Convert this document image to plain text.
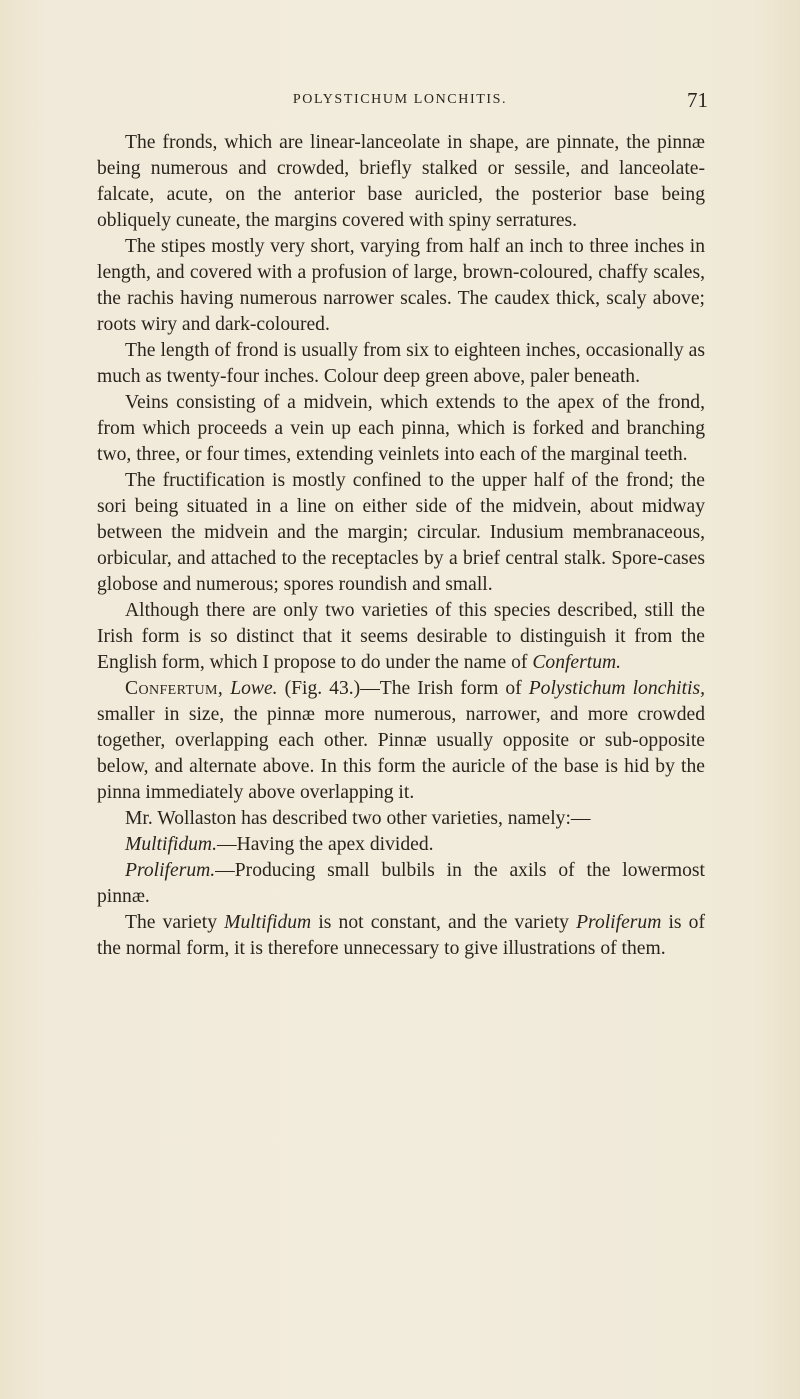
POLYSTICHUM LONCHITIS.	71

The fronds, which are linear-lanceolate in shape, are pinnate, the pinnæ being numerous and crowded, briefly stalked or sessile, and lanceolate-falcate, acute, on the anterior base auricled, the posterior base being obliquely cuneate, the margins covered with spiny serratures.

The stipes mostly very short, varying from half an inch to three inches in length, and covered with a profusion of large, brown-coloured, chaffy scales, the rachis having numerous narrower scales. The caudex thick, scaly above; roots wiry and dark-coloured.

The length of frond is usually from six to eighteen inches, occasionally as much as twenty-four inches. Colour deep green above, paler beneath.

Veins consisting of a midvein, which extends to the apex of the frond, from which proceeds a vein up each pinna, which is forked and branching two, three, or four times, extending veinlets into each of the marginal teeth.

The fructification is mostly confined to the upper half of the frond; the sori being situated in a line on either side of the midvein, about midway between the midvein and the margin; circular. Indusium membranaceous, orbicular, and attached to the receptacles by a brief central stalk. Spore-cases globose and numerous; spores roundish and small.

Although there are only two varieties of this species described, still the Irish form is so distinct that it seems desirable to distinguish it from the English form, which I propose to do under the name of Confertum.

Confertum, Lowe. (Fig. 43.)—The Irish form of Polystichum lonchitis, smaller in size, the pinnæ more numerous, narrower, and more crowded together, overlapping each other. Pinnæ usually opposite or sub-opposite below, and alternate above. In this form the auricle of the base is hid by the pinna immediately above overlapping it.

Mr. Wollaston has described two other varieties, namely:—

Multifidum.—Having the apex divided.

Proliferum.—Producing small bulbils in the axils of the lowermost pinnæ.

The variety Multifidum is not constant, and the variety Proliferum is of the normal form, it is therefore unnecessary to give illustrations of them.
